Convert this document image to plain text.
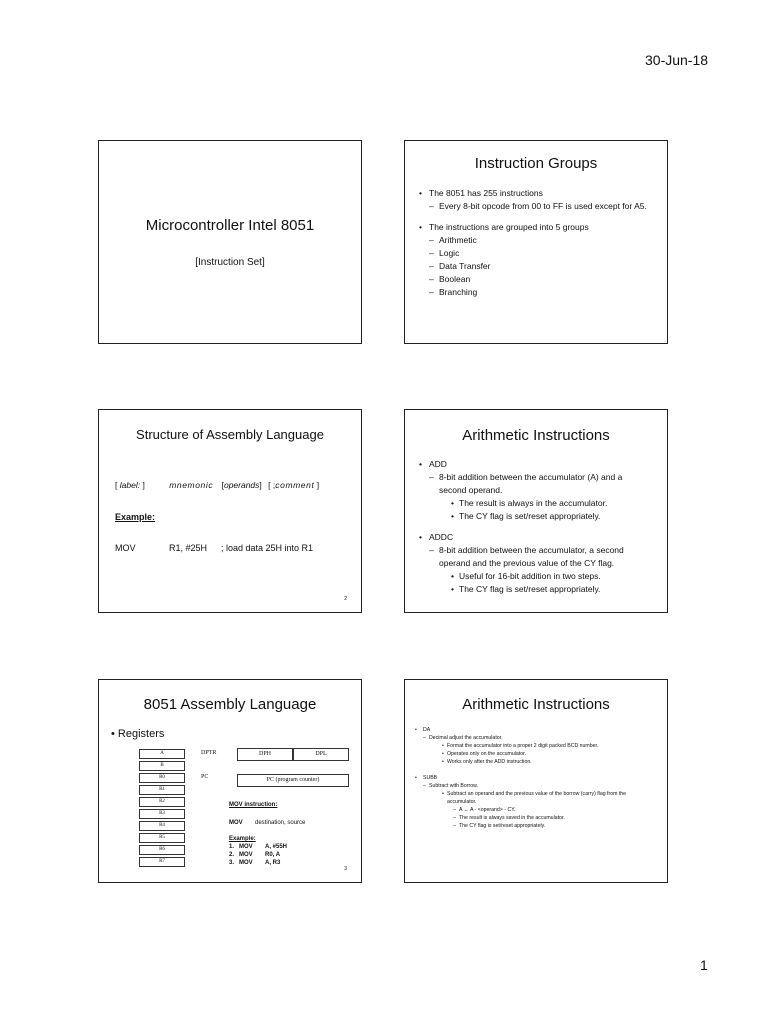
30-Jun-18
Microcontroller Intel 8051
[Instruction Set]
Instruction Groups
• The 8051 has 255 instructions
– Every 8-bit opcode from 00 to FF is used except for A5.
• The instructions are grouped into 5 groups
– Arithmetic
– Logic
– Data Transfer
– Boolean
– Branching
Structure of Assembly Language
[ label: ]	mnemonic [operands] [ ;comment ]
Example:
MOV	R1, #25H ; load data 25H into R1
2
Arithmetic Instructions
• ADD
– 8-bit addition between the accumulator (A) and a second operand.
• The result is always in the accumulator.
• The CY flag is set/reset appropriately.
• ADDC
– 8-bit addition between the accumulator, a second operand and the previous value of the CY flag.
• Useful for 16-bit addition in two steps.
• The CY flag is set/reset appropriately.
8051 Assembly Language
• Registers
A
B
R0
R1
R2
R3
R4
R5
R6
R7
DPTR	DPH	DPL
PC	PC (program counter)
MOV instruction:
MOV destination, source
Example:
1. MOV A, #55H
2. MOV R0, A
3. MOV A, R3
3
Arithmetic Instructions
• DA
– Decimal adjust the accumulator.
• Format the accumulator into a proper 2 digit packed BCD number.
• Operates only on the accumulator.
• Works only after the ADD instruction.
• SUBB
– Subtract with Borrow.
• Subtract an operand and the previous value of the borrow (carry) flag from the accumulator.
– A ← A - <operand> - CY.
– The result is always saved in the accumulator.
– The CY flag is set/reset appropriately.
1
